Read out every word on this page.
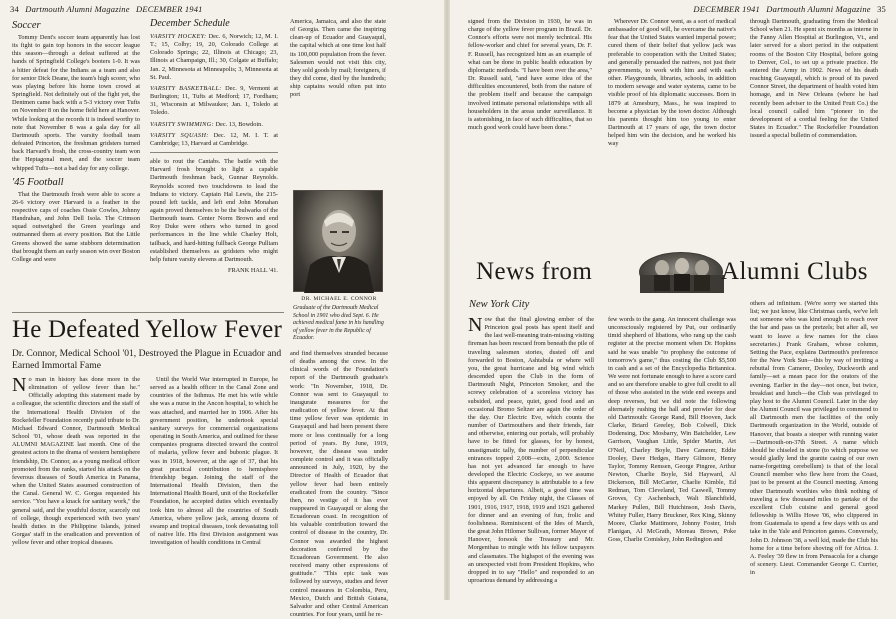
34 Dartmouth Alumni Magazine DECEMBER 1941
Soccer

Tommy Dent's soccer team apparently has lost its fight to gain top honors in the soccer league this season—through a defeat suffered at the hands of Springfield College's booters 1-0. It was a bitter defeat for the Indians as a team and also for senior Dick Deane, the team's high scorer, who was playing before his home town crowd at Springfield. Not definitely out of the fight yet, the Dentmen came back with a 5-3 victory over Tufts on November 8 on the home field here at Hanover. While looking at the records it is indeed worthy to note that November 8 was a gala day for all Dartmouth sports. The varsity football team defeated Princeton, the freshman gridsters turned back Harvard's frosh, the cross-country team won the Heptagonal meet, and the soccer team whipped Tufts—not a bad day for any college.

'45 Football

That the Dartmouth frosh were able to score a 26-6 victory over Harvard is a feather in the respective caps of coaches Ossie Cowles, Johnny Handrahan, and John Dell Isola. The Crimson squad outweighed the Green yearlings and outmanned them at every position. But the Little Greens showed the same stubborn determination that brought them an early season win over Boston College and were

December Schedule

VARSITY HOCKEY: Dec. 6, Norwich; 12, M. I. T.; 15, Colby; 19, 20, Colorado College at Colorado Springs; 22, Illinois at Chicago; 23, Illinois at Champaign, Ill.; 30, Colgate at Buffalo; Jan. 2, Minnesota at Minneapolis; 3, Minnesota at St. Paul.

VARSITY BASKETBALL: Dec. 9, Vermont at Burlington; 11, Tufts at Medford; 17, Fordham; 31, Wisconsin at Milwaukee; Jan. 1, Toledo at Toledo.

VARSITY SWIMMING: Dec. 13, Bowdoin.

VARSITY SQUASH: Dec. 12, M. I. T. at Cambridge; 13, Harvard at Cambridge.

able to rout the Cantabs. The battle with the Harvard frosh brought to light a capable Dartmouth freshman back, Gunnar Reynolds. Reynolds scored two touchdowns to lead the Indians to victory. Captain Hal Lewis, the 215-pound left tackle, and left end John Monahan again proved themselves to be the bulwarks of the Dartmouth team. Center Norm Brown and end Roy Duke were others who turned in good performances in the line while Charley Holt, tailback, and hard-hitting fullback George Pulliam established themselves as gridsters who might help future varsity elevens at Dartmouth.

FRANK HALL '41.

America, Jamaica, and also the state of Georgia. Then came the inspiring clean-up of Ecuador and Guayaquil, the capital which at one time lost half its 100,000 population from the fever. Salesmen would not visit this city, they sold goods by mail; foreigners, if they did come, died by the hundreds; ship captains would often put into port

DR. MICHAEL E. CONNOR
Graduate of the Dartmouth Medical School in 1901 who died Sept. 6. He achieved medical fame in his handling of yellow fever in the Republic of Ecuador.
He Defeated Yellow Fever
Dr. Connor, Medical School '01, Destroyed the Plague in Ecuador and Earned Immortal Fame

No man in history has done more in the elimination of yellow fever than he." Officially adopting this statement made by a colleague, the scientific directors and the staff of the International Health Division of the Rockefeller Foundation recently paid tribute to Dr. Michael Edward Connor, Dartmouth Medical School '01, whose death was reported in the ALUMNI MAGAZINE last month. One of the greatest actors in the drama of western hemisphere friendship, Dr. Connor, as a young medical officer promoted from the ranks, started his attack on the feverous diseases of South America in Panama, when the United States assumed construction of the Canal. General W. C. Gorgas requested his service. "You have a knack for sanitary work," the general said, and the youthful doctor, scarcely out of college, though experienced with two years' health duties in the Philippine Islands, joined Gorgas' staff in the eradication and prevention of yellow fever and other tropical diseases.

Until the World War interrupted in Europe, he served as a health officer in the Canal Zone and countries of the Isthmus. He met his wife while she was a nurse in the Ancon hospital, to which he was attached, and married her in 1906. After his government position, he undertook special sanitary surveys for commercial organizations operating in South America, and outlined for these companies programs directed toward the control of malaria, yellow fever and bubonic plague. It was in 1918, however, at the age of 37, that his great practical contribution to hemisphere friendship began. Joining the staff of the International Health Division, then the International Health Board, unit of the Rockefeller Foundation, he accepted duties which eventually took him to almost all the countries of South America, where yellow jack, among dozens of swamp and tropical diseases, took devastating toll of native life. His first Division assignment was investigation of health conditions in Central

and find themselves stranded because of deaths among the crew. In the clinical words of the Foundation's report of the Dartmouth graduate's work: "In November, 1918, Dr. Connor was sent to Guayaquil to inaugurate measures for the eradication of yellow fever. At that time yellow fever was epidemic in Guayaquil and had been present there more or less continually for a long period of years. By June, 1919, however, the disease was under complete control and it was officially announced in July, 1920, by the Director of Health of Ecuador that yellow fever had been entirely eradicated from the country. "Since then, no vestige of it has ever reappeared in Guayaquil or along the Ecuadorean coast. In recognition of his valuable contribution toward the control of disease in the country, Dr. Connor was awarded the highest decoration conferred by the Ecuadorean Government. He also received many other expressions of gratitude." "This epic task was followed by surveys, studies and fever control measures in Colombia, Peru, Mexico, Dutch and British Guiana, Salvador and other Central American countries. For four years, until he re-

DECEMBER 1941 Dartmouth Alumni Magazine 35

signed from the Division in 1930, he was in charge of the yellow fever program in Brazil. Dr. Connor's efforts were not merely technical. His fellow-worker and chief for several years, Dr. F. F. Russell, has recognized him as an example of what can be done in public health education by diplomatic methods. "I have been over the area," Dr. Russell said, "and have some idea of the difficulties encountered, both from the nature of the problem itself and because the campaign involved intimate personal relationships with all householders in the areas under surveillance. It is astonishing, in face of such difficulties, that so much good work could have been done."

Wherever Dr. Connor went, as a sort of medical ambassador of good will, he overcame the native's fear that the United States wanted imperial power; cured them of their belief that yellow jack was preferable to cooperation with the United States; and generally persuaded the natives, not just their governments, to work with him and with each other. Playgrounds, libraries, schools, in addition to modern sewage and water systems, came to be visible proof of his diplomatic successes. Born in 1879 at Amesbury, Mass., he was inspired to become a physician by the town doctor. Although his parents thought him too young to enter Dartmouth at 17 years of age, the town doctor helped him win the decision, and he worked his way

through Dartmouth, graduating from the Medical School when 21. He spent six months as interne in the Fanny Allen Hospital at Burlington, Vt., and later served for a short period in the outpatient rooms of the Boston City Hospital, before going to Denver, Col., to set up a private practice. He entered the Army in 1902. News of his death reaching Guayaquil, which is proud of its paved Connor Street, the department of health voted him homage, and in New Orleans (where he had recently been adviser to the United Fruit Co.) the local council called him "pioneer in the development of a cordial feeling for the United States in Ecuador." The Rockefeller Foundation issued a special bulletin of commendation.

News from	Alumni Clubs
New York City

Now that the final glowing ember of the Princeton goal posts has spent itself and the last well-meaning train-missing visiting fireman has been rescued from beneath the pile of traveling salesmen stories, dusted off and forwarded to Boston, Ashtabula or where will you, the great hurricane and big wind which descended upon the Club in the form of Dartmouth Night, Princeton Smoker, and the screwy celebration of a scoreless victory has subsided, and peace, quiet, good food and an occasional Bromo Seltzer are again the order of the day. Our Electric Eve, which counts the number of Dartmouthers and their friends, fair and otherwise, entering our portals, will probably have to be fitted for glasses, for by honest, unastigmatic tally, the number of perpendicular entrances topped 2,008—exits, 2,000. Science has not yet advanced far enough to have developed the Electric Cockeye, so we assume this apparent discrepancy is attributable to a few horizontal departures. Albeit, a good time was enjoyed by all. On Friday night, the Classes of 1901, 1916, 1917, 1918, 1919 and 1921 gathered for dinner and an evening of fun, frolic and foolishness. Reminiscent of the Ides of March, the great John Hilomer Sullivan, former Mayor of Hanover, forsook the Treasury and Mr. Morgenthau to mingle with his fellow taxpayers and classmates. The highspot of the evening was an unexpected visit from President Hopkins, who dropped in to say "Hello" and responded to an uproarious demand by addressing a

few words to the gang. An innocent challenge was unconsciously registered by Put, our ordinarily timid shepherd of libations, who rang up the cash register at the precise moment when Dr. Hopkins said he was unable "to prophesy the outcome of tomorrow's game," thus costing the Club $5,500 in cash and a set of the Encyclopedia Britannica. We were not fortunate enough to have a score card and so are therefore unable to give full credit to all of those who assisted in the wide end sweeps and deep reverses, but we did note the following alternately rushing the hall and prowler for dear old Dartmouth: George Rand, Bill Hooven, Jack Clarke, Briard Greeley, Bob Colwell, Dick Dodensing, Doc Mosbarry, Win Batchelder, Lew Garrison, Vaughan Little, Spider Martin, Art O'Neil, Charley Boyle, Dave Camerer, Eddie Dooley, Dave Hedges, Harry Gilmore, Henry Taylor, Tommy Remsen, George Pingree, Arthur Newton, Charlie Boyle, Sid Hayward, Al Dickerson, Bill McCarter, Charlie Kimble, Ed Redman, Tom Cleveland, Ted Caswell, Tommy Groves, Cy Aschenbach, Walt Blanchfield, Markey Pullen, Bill Hutchinson, Josh Davis, Whitey Fuller, Harry Bruckner, Rex King, Skinny Moore, Clarke Mattimore, Johnny Foster, Irish Flanigan, Al McGrath, Moreau Brown, Poke Goss, Charlie Comiskey, John Redington and

others ad infinitum. (We're sorry we started this list; we just know, like Christmas cards, we've left out someone who was kind enough to reach over the bar and pass us the pretzels; but after all, we want to leave a few names for the class secretaries.) Frank Graham, whose column, Setting the Pace, explains Dartmouth's preference for the New York Sun—this by way of inviting a rebuttal from Camerer, Dooley, Duckworth and family—set a mean pace for the orators of the evening. Earlier in the day—not once, but twice, breakfast and lunch—the Club was privileged to play host to the Alumni Council. Later in the day the Alumni Council was privileged to commend to all Dartmouth men the facilities of the only Dartmouth organization in the World, outside of Hanover, that boasts a steeper with running water—Dartmouth-on-37th Street. A name which should be chiseled in stone (to which purpose we would gladly lend the granite casing of our own name-forgetting cerebellum) is that of the local Council member who flew here from the Coast, just to be present at the Council meeting. Among other Dartmouth worthies who think nothing of traveling a few thousand miles to partake of the excellent Club cuisine and general good fellowship is Willis Howe '06, who clippered in from Guatemala to spend a few days with us and take in the Yale and Princeton games. Conversely, John D. Johnson '38, a well kid, made the Club his home for a time before shoving off for Africa. J. A. Feeley '39 flew in from Pensacola for a change of scenery. Lieut. Commander George C. Currier, in
